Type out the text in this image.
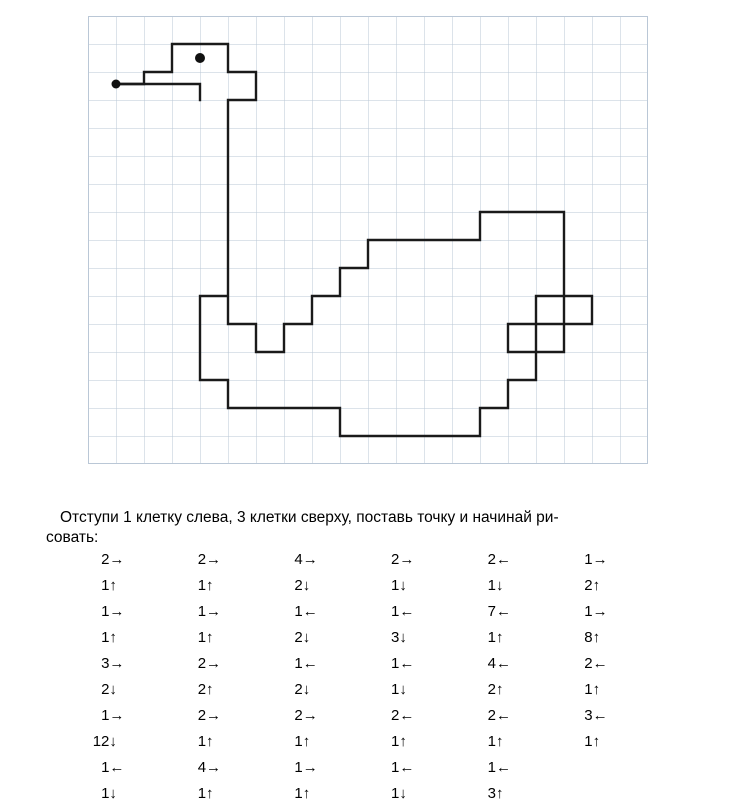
Отступи 1 клетку слева, 3 клетки сверху, поставь точку и начинай ри-
совать:

2	→	2	→	4	→	2	→	2	←	1	→
1	↑	1	↑	2	↓	1	↓	1	↓	2	↑
1	→	1	→	1	←	1	←	7	←	1	→
1	↑	1	↑	2	↓	3	↓	1	↑	8	↑
3	→	2	→	1	←	1	←	4	←	2	←
2	↓	2	↑	2	↓	1	↓	2	↑	1	↑
1	→	2	→	2	→	2	←	2	←	3	←
12	↓	1	↑	1	↑	1	↑	1	↑	1	↑
1	←	4	→	1	→	1	←	1	←		
1	↓	1	↑	1	↑	1	↓	3	↑		
